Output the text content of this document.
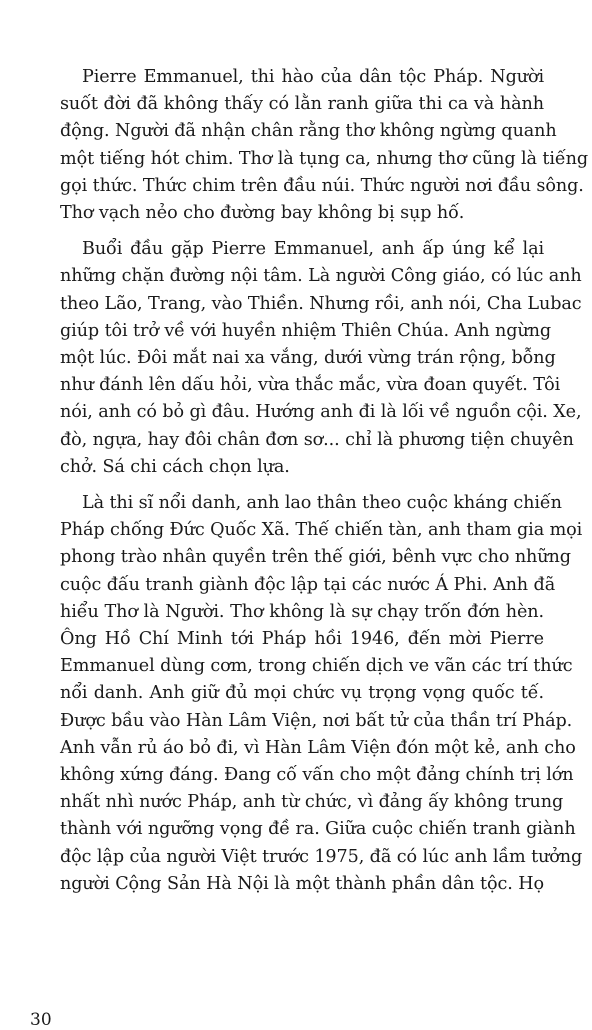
Pierre Emmanuel, thi hào của dân tộc Pháp. Người
suốt đời đã không thấy có lằn ranh giữa thi ca và hành
động. Người đã nhận chân rằng thơ không ngừng quanh
một tiếng hót chim. Thơ là tụng ca, nhưng thơ cũng là tiếng
gọi thức. Thức chim trên đầu núi. Thức người nơi đầu sông.
Thơ vạch nẻo cho đường bay không bị sụp hố.

Buổi đầu gặp Pierre Emmanuel, anh ấp úng kể lại
những chặn đường nội tâm. Là người Công giáo, có lúc anh
theo Lão, Trang, vào Thiền. Nhưng rồi, anh nói, Cha Lubac
giúp tôi trở về với huyền nhiệm Thiên Chúa. Anh ngừng
một lúc. Đôi mắt nai xa vắng, dưới vừng trán rộng, bỗng
như đánh lên dấu hỏi, vừa thắc mắc, vừa đoan quyết. Tôi
nói, anh có bỏ gì đâu. Hướng anh đi là lối về nguồn cội. Xe,
đò, ngựa, hay đôi chân đơn sơ... chỉ là phương tiện chuyên
chở. Sá chi cách chọn lựa.

Là thi sĩ nổi danh, anh lao thân theo cuộc kháng chiến
Pháp chống Đức Quốc Xã. Thế chiến tàn, anh tham gia mọi
phong trào nhân quyền trên thế giới, bênh vực cho những
cuộc đấu tranh giành độc lập tại các nước Á Phi. Anh đã
hiểu Thơ là Người. Thơ không là sự chạy trốn đớn hèn.
Ông Hồ Chí Minh tới Pháp hồi 1946, đến mời Pierre
Emmanuel dùng cơm, trong chiến dịch ve vãn các trí thức
nổi danh. Anh giữ đủ mọi chức vụ trọng vọng quốc tế.
Được bầu vào Hàn Lâm Viện, nơi bất tử của thần trí Pháp.
Anh vẫn rủ áo bỏ đi, vì Hàn Lâm Viện đón một kẻ, anh cho
không xứng đáng. Đang cố vấn cho một đảng chính trị lớn
nhất nhì nước Pháp, anh từ chức, vì đảng ấy không trung
thành với ngưỡng vọng đề ra. Giữa cuộc chiến tranh giành
độc lập của người Việt trước 1975, đã có lúc anh lầm tưởng
người Cộng Sản Hà Nội là một thành phần dân tộc. Họ

30
